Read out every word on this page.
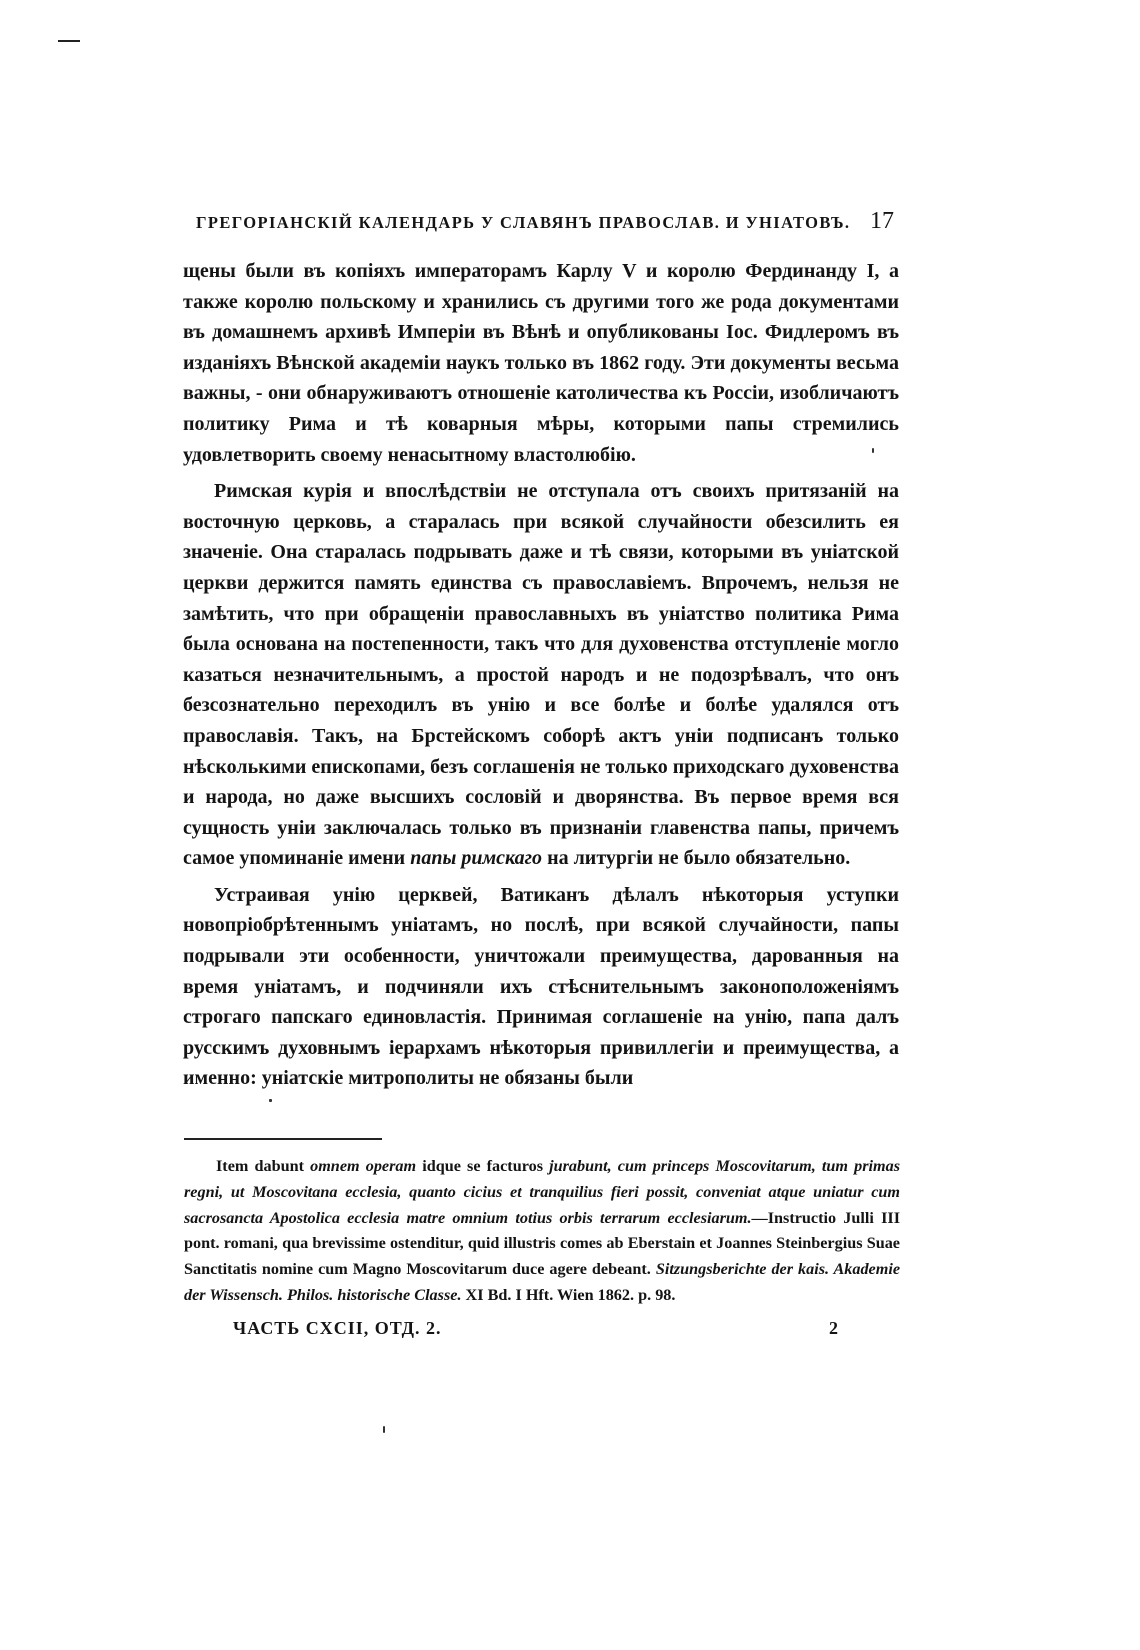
ГРЕГОРІАНСКІЙ КАЛЕНДАРЬ У СЛАВЯНЪ ПРАВОСЛАВ. И УНІАТОВЪ. 17

щены были въ копіяхъ императорамъ Карлу V и королю Фердинанду I, а также королю польскому и хранились съ другими того же рода документами въ домашнемъ архивѣ Имперіи въ Вѣнѣ и опубликованы Іос. Фидлеромъ въ изданіяхъ Вѣнской академіи наукъ только въ 1862 году. Эти документы весьма важны, - они обнаруживаютъ отношеніе католичества къ Россіи, изобличаютъ политику Рима и тѣ коварныя мѣры, которыми папы стремились удовлетворить своему ненасытному властолюбію.

Римская курія и впослѣдствіи не отступала отъ своихъ притязаній на восточную церковь, а старалась при всякой случайности обезсилить ея значеніе. Она старалась подрывать даже и тѣ связи, которыми въ уніатской церкви держится память единства съ православіемъ. Впрочемъ, нельзя не замѣтить, что при обращеніи православныхъ въ уніатство политика Рима была основана на постепенности, такъ что для духовенства отступленіе могло казаться незначительнымъ, а простой народъ и не подозрѣвалъ, что онъ безсознательно переходилъ въ унію и все болѣе и болѣе удалялся отъ православія. Такъ, на Брстейскомъ соборѣ актъ уніи подписанъ только нѣсколькими епископами, безъ соглашенія не только приходскаго духовенства и народа, но даже высшихъ сословій и дворянства. Въ первое время вся сущность уніи заключалась только въ признаніи главенства папы, причемъ самое упоминаніе имени папы римскаго на литургіи не было обязательно.

Устраивая унію церквей, Ватиканъ дѣлалъ нѣкоторыя уступки новопріобрѣтеннымъ уніатамъ, но послѣ, при всякой случайности, папы подрывали эти особенности, уничтожали преимущества, дарованныя на время уніатамъ, и подчиняли ихъ стѣснительнымъ законоположеніямъ строгаго папскаго единовластія. Принимая соглашеніе на унію, папа далъ русскимъ духовнымъ іерархамъ нѣкоторыя привиллегіи и преимущества, а именно: уніатскіе митрополиты не обязаны были

Item dabunt omnem operam idque se facturos jurabunt, cum princeps Moscovitarum, tum primas regni, ut Moscovitana ecclesia, quanto cicius et tranquilius fieri possit, conveniat atque uniatur cum sacrosancta Apostolica ecclesia matre omnium totius orbis terrarum ecclesiarum.—Instructio Julli III pont. romani, qua brevissime ostenditur, quid illustris comes ab Eberstain et Joannes Steinbergius Suae Sanctitatis nomine cum Magno Moscovitarum duce agere debeant. Sitzungsberichte der kais. Akademie der Wissensch. Philos. historische Classe. XI Bd. I Hft. Wien 1862. p. 98.
ЧАСТЬ CXCII, ОТД. 2.	2
